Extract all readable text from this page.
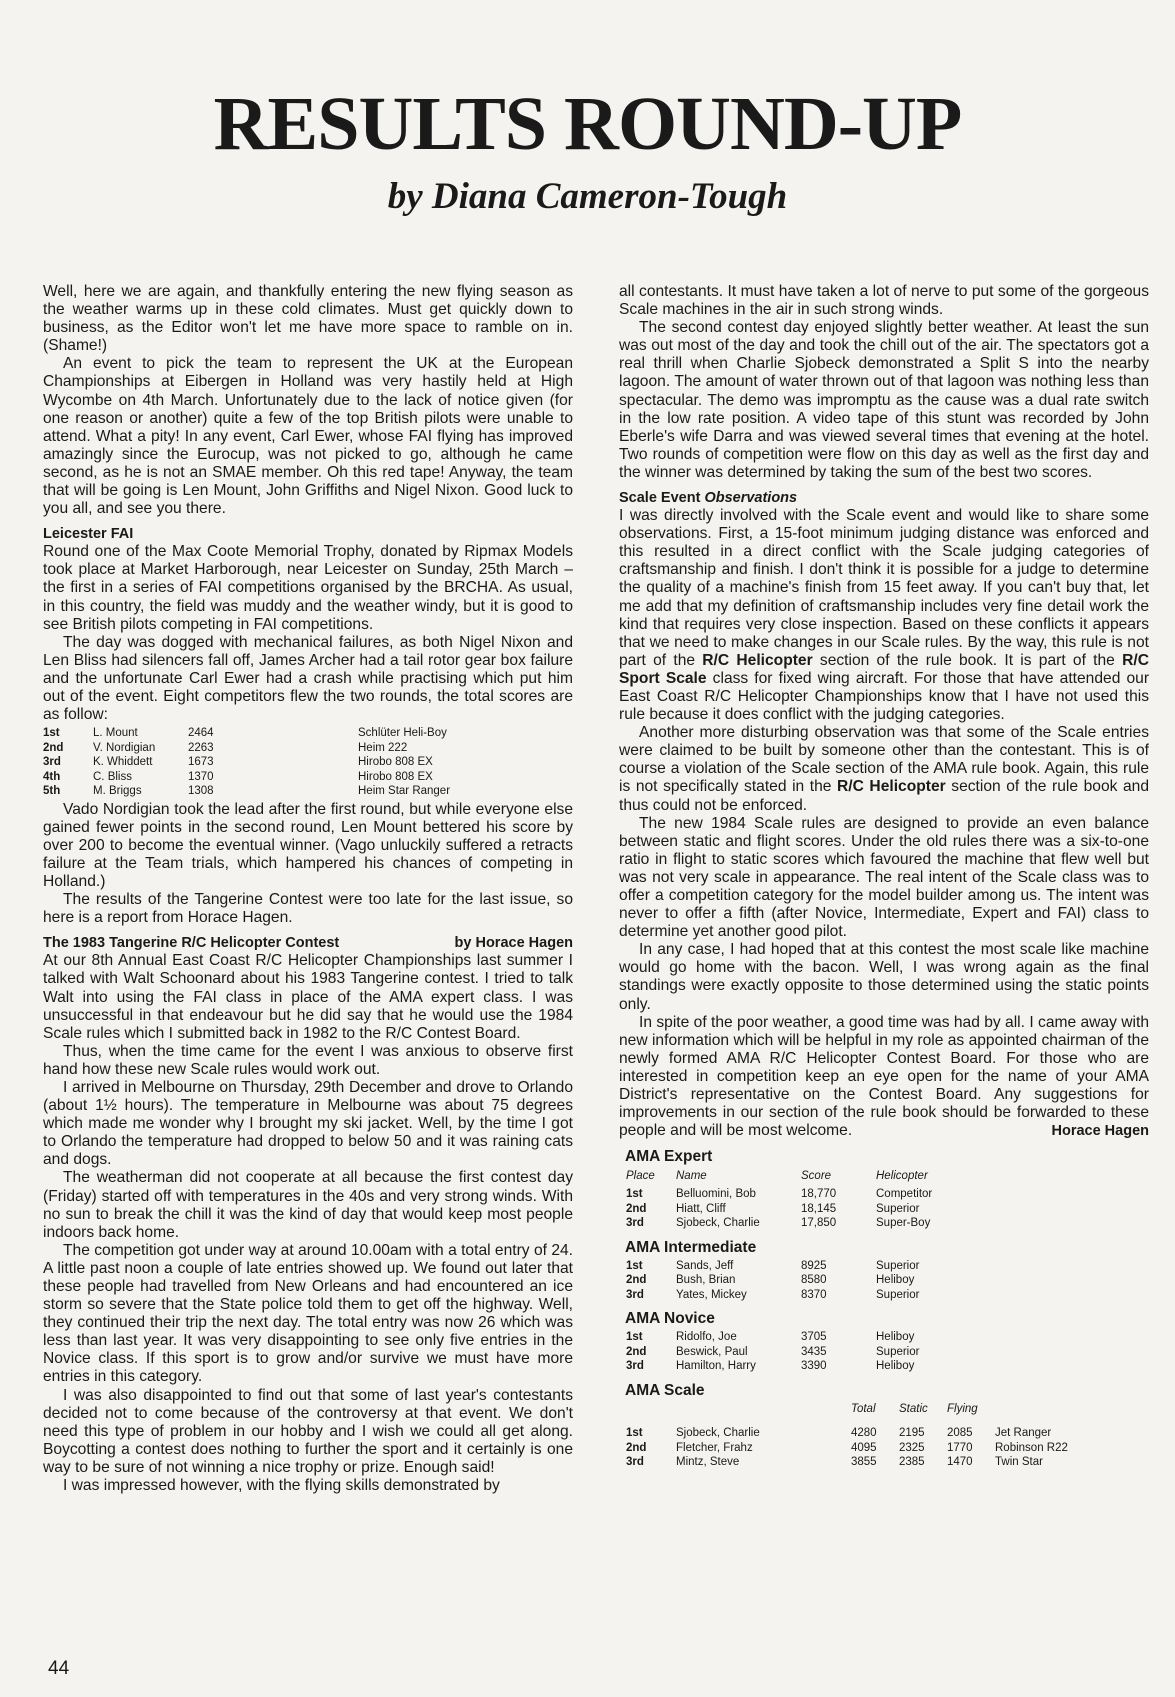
RESULTS ROUND-UP
by Diana Cameron-Tough

Well, here we are again, and thankfully entering the new flying season as the weather warms up in these cold climates. Must get quickly down to business, as the Editor won't let me have more space to ramble on in. (Shame!)

An event to pick the team to represent the UK at the European Championships at Eibergen in Holland was very hastily held at High Wycombe on 4th March. Unfortunately due to the lack of notice given (for one reason or another) quite a few of the top British pilots were unable to attend. What a pity! In any event, Carl Ewer, whose FAI flying has improved amazingly since the Eurocup, was not picked to go, although he came second, as he is not an SMAE member. Oh this red tape! Anyway, the team that will be going is Len Mount, John Griffiths and Nigel Nixon. Good luck to you all, and see you there.

Leicester FAI

Round one of the Max Coote Memorial Trophy, donated by Ripmax Models took place at Market Harborough, near Leicester on Sunday, 25th March – the first in a series of FAI competitions organised by the BRCHA. As usual, in this country, the field was muddy and the weather windy, but it is good to see British pilots competing in FAI competitions.

The day was dogged with mechanical failures, as both Nigel Nixon and Len Bliss had silencers fall off, James Archer had a tail rotor gear box failure and the unfortunate Carl Ewer had a crash while practising which put him out of the event. Eight competitors flew the two rounds, the total scores are as follow:

1st	L. Mount	2464	Schlüter Heli-Boy
2nd	V. Nordigian	2263	Heim 222
3rd	K. Whiddett	1673	Hirobo 808 EX
4th	C. Bliss	1370	Hirobo 808 EX
5th	M. Briggs	1308	Heim Star Ranger

Vado Nordigian took the lead after the first round, but while everyone else gained fewer points in the second round, Len Mount bettered his score by over 200 to become the eventual winner. (Vago unluckily suffered a retracts failure at the Team trials, which hampered his chances of competing in Holland.)

The results of the Tangerine Contest were too late for the last issue, so here is a report from Horace Hagen.

The 1983 Tangerine R/C Helicopter Contest	by Horace Hagen

At our 8th Annual East Coast R/C Helicopter Championships last summer I talked with Walt Schoonard about his 1983 Tangerine contest. I tried to talk Walt into using the FAI class in place of the AMA expert class. I was unsuccessful in that endeavour but he did say that he would use the 1984 Scale rules which I submitted back in 1982 to the R/C Contest Board.

Thus, when the time came for the event I was anxious to observe first hand how these new Scale rules would work out.

I arrived in Melbourne on Thursday, 29th December and drove to Orlando (about 1½ hours). The temperature in Melbourne was about 75 degrees which made me wonder why I brought my ski jacket. Well, by the time I got to Orlando the temperature had dropped to below 50 and it was raining cats and dogs.

The weatherman did not cooperate at all because the first contest day (Friday) started off with temperatures in the 40s and very strong winds. With no sun to break the chill it was the kind of day that would keep most people indoors back home.

The competition got under way at around 10.00am with a total entry of 24. A little past noon a couple of late entries showed up. We found out later that these people had travelled from New Orleans and had encountered an ice storm so severe that the State police told them to get off the highway. Well, they continued their trip the next day. The total entry was now 26 which was less than last year. It was very disappointing to see only five entries in the Novice class. If this sport is to grow and/or survive we must have more entries in this category.

I was also disappointed to find out that some of last year's contestants decided not to come because of the controversy at that event. We don't need this type of problem in our hobby and I wish we could all get along. Boycotting a contest does nothing to further the sport and it certainly is one way to be sure of not winning a nice trophy or prize. Enough said!

I was impressed however, with the flying skills demonstrated by

all contestants. It must have taken a lot of nerve to put some of the gorgeous Scale machines in the air in such strong winds.

The second contest day enjoyed slightly better weather. At least the sun was out most of the day and took the chill out of the air. The spectators got a real thrill when Charlie Sjobeck demonstrated a Split S into the nearby lagoon. The amount of water thrown out of that lagoon was nothing less than spectacular. The demo was impromptu as the cause was a dual rate switch in the low rate position. A video tape of this stunt was recorded by John Eberle's wife Darra and was viewed several times that evening at the hotel. Two rounds of competition were flow on this day as well as the first day and the winner was determined by taking the sum of the best two scores.

Scale Event Observations

I was directly involved with the Scale event and would like to share some observations. First, a 15-foot minimum judging distance was enforced and this resulted in a direct conflict with the Scale judging categories of craftsmanship and finish. I don't think it is possible for a judge to determine the quality of a machine's finish from 15 feet away. If you can't buy that, let me add that my definition of craftsmanship includes very fine detail work the kind that requires very close inspection. Based on these conflicts it appears that we need to make changes in our Scale rules. By the way, this rule is not part of the R/C Helicopter section of the rule book. It is part of the R/C Sport Scale class for fixed wing aircraft. For those that have attended our East Coast R/C Helicopter Championships know that I have not used this rule because it does conflict with the judging categories.

Another more disturbing observation was that some of the Scale entries were claimed to be built by someone other than the contestant. This is of course a violation of the Scale section of the AMA rule book. Again, this rule is not specifically stated in the R/C Helicopter section of the rule book and thus could not be enforced.

The new 1984 Scale rules are designed to provide an even balance between static and flight scores. Under the old rules there was a six-to-one ratio in flight to static scores which favoured the machine that flew well but was not very scale in appearance. The real intent of the Scale class was to offer a competition category for the model builder among us. The intent was never to offer a fifth (after Novice, Intermediate, Expert and FAI) class to determine yet another good pilot.

In any case, I had hoped that at this contest the most scale like machine would go home with the bacon. Well, I was wrong again as the final standings were exactly opposite to those determined using the static points only.

In spite of the poor weather, a good time was had by all. I came away with new information which will be helpful in my role as appointed chairman of the newly formed AMA R/C Helicopter Contest Board. For those who are interested in competition keep an eye open for the name of your AMA District's representative on the Contest Board. Any suggestions for improvements in our section of the rule book should be forwarded to these people and will be most welcome.	Horace Hagen
AMA Expert
Place	Name	Score	Helicopter
1st	Belluomini, Bob	18,770	Competitor
2nd	Hiatt, Cliff	18,145	Superior
3rd	Sjobeck, Charlie	17,850	Super-Boy
AMA Intermediate
1st	Sands, Jeff	8925	Superior
2nd	Bush, Brian	8580	Heliboy
3rd	Yates, Mickey	8370	Superior
AMA Novice
1st	Ridolfo, Joe	3705	Heliboy
2nd	Beswick, Paul	3435	Superior
3rd	Hamilton, Harry	3390	Heliboy
AMA Scale
		Total	Static	Flying	

1st	Sjobeck, Charlie	4280	2195	2085	Jet Ranger
2nd	Fletcher, Frahz	4095	2325	1770	Robinson R22
3rd	Mintz, Steve	3855	2385	1470	Twin Star

44
